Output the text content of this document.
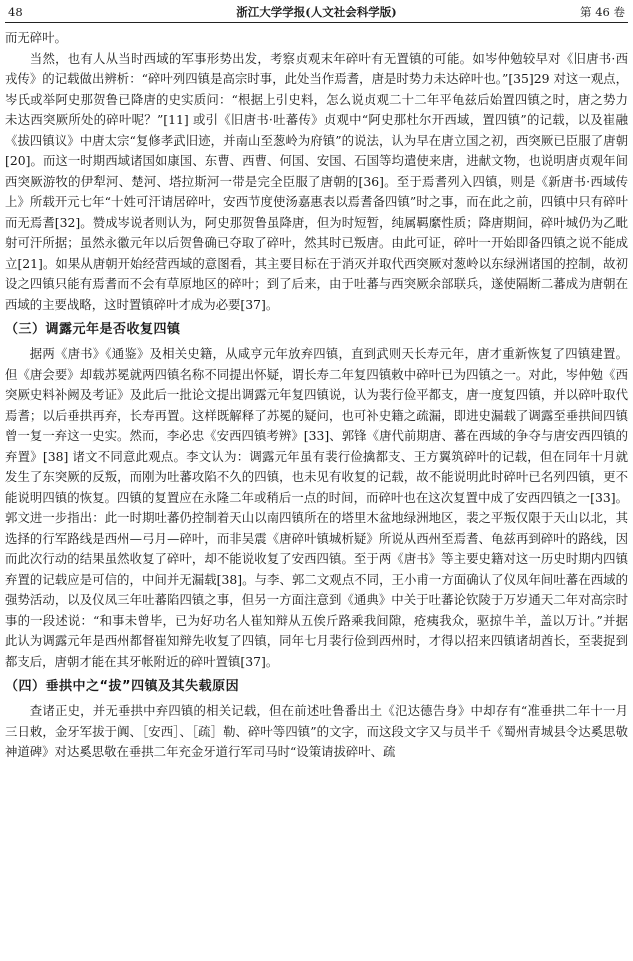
48	浙江大学学报(人文社会科学版)	第 46 卷

而无碎叶。

当然，也有人从当时西域的军事形势出发，考察贞观末年碎叶有无置镇的可能。如岑仲勉较早对《旧唐书·西戎传》的记载做出辨析：“碎叶列四镇是高宗时事，此处当作焉耆，唐是时势力未达碎叶也。”[35]29 对这一观点，岑氏或举阿史那贺鲁已降唐的史实质问：“根据上引史料，怎么说贞观二十二年平龟兹后始置四镇之时，唐之势力未达西突厥所处的碎叶呢？”[11] 或引《旧唐书·吐蕃传》贞观中“阿史那杜尔开西域，置四镇”的记载，以及崔融《拔四镇议》中唐太宗“复修孝武旧迹，并南山至葱岭为府镇”的说法，认为早在唐立国之初，西突厥已臣服了唐朝[20]。而这一时期西域诸国如康国、东曹、西曹、何国、安国、石国等均遣使来唐，进献文物，也说明唐贞观年间西突厥游牧的伊犁河、楚河、塔拉斯河一带是完全臣服了唐朝的[36]。至于焉耆列入四镇，则是《新唐书·西域传上》所载开元七年“十姓可汗请居碎叶，安西节度使汤嘉惠表以焉耆备四镇”时之事，而在此之前，四镇中只有碎叶而无焉耆[32]。赞成岑说者则认为，阿史那贺鲁虽降唐，但为时短暂，纯属羁縻性质；降唐期间，碎叶城仍为乙毗射可汗所据；虽然永徽元年以后贺鲁确已夺取了碎叶，然其时已叛唐。由此可证，碎叶一开始即备四镇之说不能成立[21]。如果从唐朝开始经营西域的意图看，其主要目标在于消灭并取代西突厥对葱岭以东绿洲诸国的控制，故初设之四镇只能有焉耆而不会有草原地区的碎叶；到了后来，由于吐蕃与西突厥余部联兵，遂使隔断二蕃成为唐朝在西域的主要战略，这时置镇碎叶才成为必要[37]。

（三）调露元年是否收复四镇

据两《唐书》《通鉴》及相关史籍，从咸亨元年放弃四镇，直到武则天长寿元年，唐才重新恢复了四镇建置。但《唐会要》却载苏冕就两四镇名称不同提出怀疑，谓长寿二年复四镇敕中碎叶已为四镇之一。对此，岑仲勉《西突厥史料补阙及考证》及此后一批论文提出调露元年复四镇说，认为裴行俭平都支，唐一度复四镇，并以碎叶取代焉耆；以后垂拱再弃，长寿再置。这样既解释了苏冕的疑问，也可补史籍之疏漏，即进史漏载了调露至垂拱间四镇曾一复一弃这一史实。然而，李必忠《安西四镇考辨》[33]、郭锋《唐代前期唐、蕃在西域的争夺与唐安西四镇的弃置》[38] 诸文不同意此观点。李文认为：调露元年虽有裴行俭擒都支、王方翼筑碎叶的记载，但在同年十月就发生了东突厥的反叛，而刚为吐蕃攻陷不久的四镇，也未见有收复的记载，故不能说明此时碎叶已名列四镇，更不能说明四镇的恢复。四镇的复置应在永隆二年或稍后一点的时间，而碎叶也在这次复置中成了安西四镇之一[33]。郭文进一步指出：此一时期吐蕃仍控制着天山以南四镇所在的塔里木盆地绿洲地区，裴之平叛仅限于天山以北，其选择的行军路线是西州—弓月—碎叶，而非吴震《唐碎叶镇城析疑》所说从西州至焉耆、龟兹再到碎叶的路线，因而此次行动的结果虽然收复了碎叶，却不能说收复了安西四镇。至于两《唐书》等主要史籍对这一历史时期内四镇弃置的记载应是可信的，中间并无漏载[38]。与李、郭二文观点不同，王小甫一方面确认了仪凤年间吐蕃在西域的强势活动，以及仪凤三年吐蕃陷四镇之事，但另一方面注意到《通典》中关于吐蕃论钦陵于万岁通天二年对高宗时事的一段述说：“和事未曾毕，已为好功名人崔知辩从五俟斤路乘我间隙，疮痍我众，驱掠牛羊，盖以万计。”并据此认为调露元年是西州都督崔知辩先收复了四镇，同年七月裴行俭到西州时，才得以招来四镇诸胡酋长，至裴捉到都支后，唐朝才能在其牙帐附近的碎叶置镇[37]。

（四）垂拱中之“拔”四镇及其失载原因

查诸正史，并无垂拱中弃四镇的相关记载，但在前述吐鲁番出土《氾达德告身》中却存有“准垂拱二年十一月三日敕，金牙军拔于阗、［安西］、［疏］勒、碎叶等四镇”的文字，而这段文字又与员半千《蜀州青城县令达奚思敬神道碑》对达奚思敬在垂拱二年充金牙道行军司马时“设策请拔碎叶、疏
